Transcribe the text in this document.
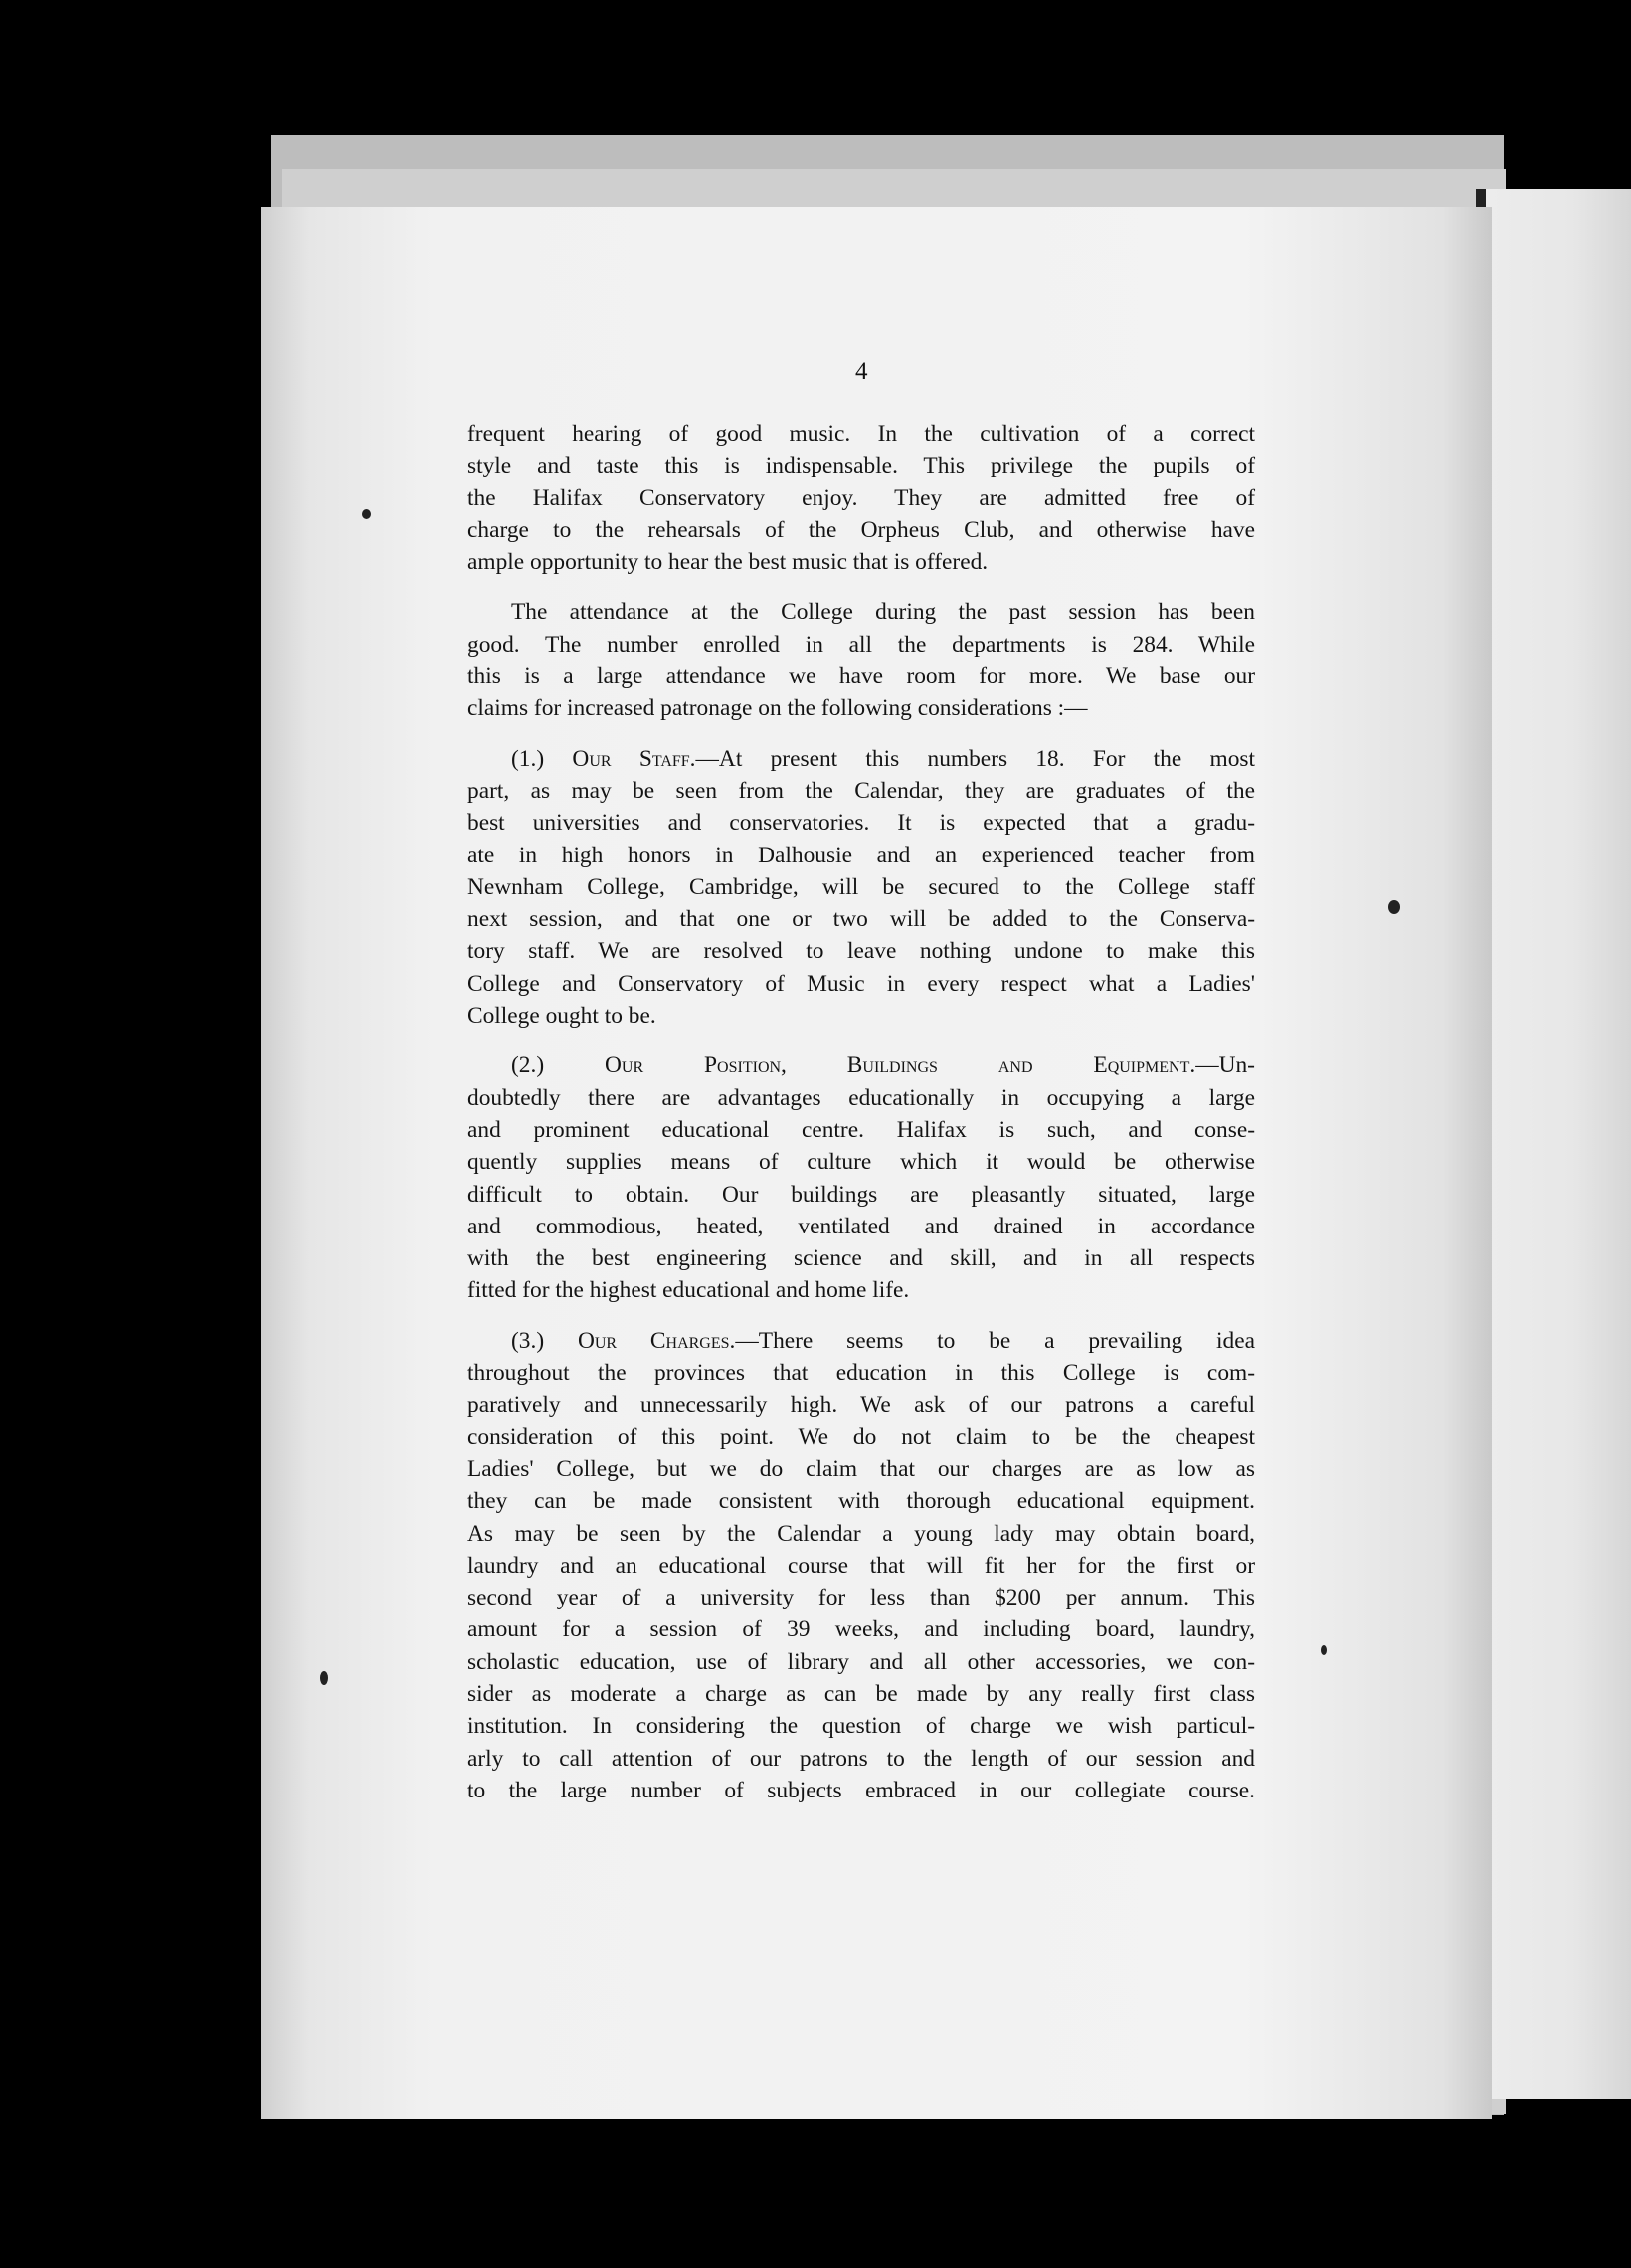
4

frequent hearing of good music. In the cultivation of a correct
style and taste this is indispensable. This privilege the pupils of
the Halifax Conservatory enjoy. They are admitted free of
charge to the rehearsals of the Orpheus Club, and otherwise have
ample opportunity to hear the best music that is offered.

The attendance at the College during the past session has been
good. The number enrolled in all the departments is 284. While
this is a large attendance we have room for more. We base our
claims for increased patronage on the following considerations :—

(1.) Our Staff.—At present this numbers 18. For the most
part, as may be seen from the Calendar, they are graduates of the
best universities and conservatories. It is expected that a gradu-
ate in high honors in Dalhousie and an experienced teacher from
Newnham College, Cambridge, will be secured to the College staff
next session, and that one or two will be added to the Conserva-
tory staff. We are resolved to leave nothing undone to make this
College and Conservatory of Music in every respect what a Ladies'
College ought to be.

(2.)	Our Position, Buildings and Equipment.—Un-
doubtedly there are advantages educationally in occupying a large
and prominent educational centre. Halifax is such, and conse-
quently supplies means of culture which it would be otherwise
difficult to obtain. Our buildings are pleasantly situated, large
and commodious, heated, ventilated and drained in accordance
with the best engineering science and skill, and in all respects
fitted for the highest educational and home life.

(3.) Our Charges.—There seems to be a prevailing idea
throughout the provinces that education in this College is com-
paratively and unnecessarily high. We ask of our patrons a careful
consideration of this point. We do not claim to be the cheapest
Ladies' College, but we do claim that our charges are as low as
they can be made consistent with thorough educational equipment.
As may be seen by the Calendar a young lady may obtain board,
laundry and an educational course that will fit her for the first or
second year of a university for less than $200 per annum. This
amount for a session of 39 weeks, and including board, laundry,
scholastic education, use of library and all other accessories, we con-
sider as moderate a charge as can be made by any really first class
institution. In considering the question of charge we wish particul-
arly to call attention of our patrons to the length of our session and
to the large number of subjects embraced in our collegiate course.
